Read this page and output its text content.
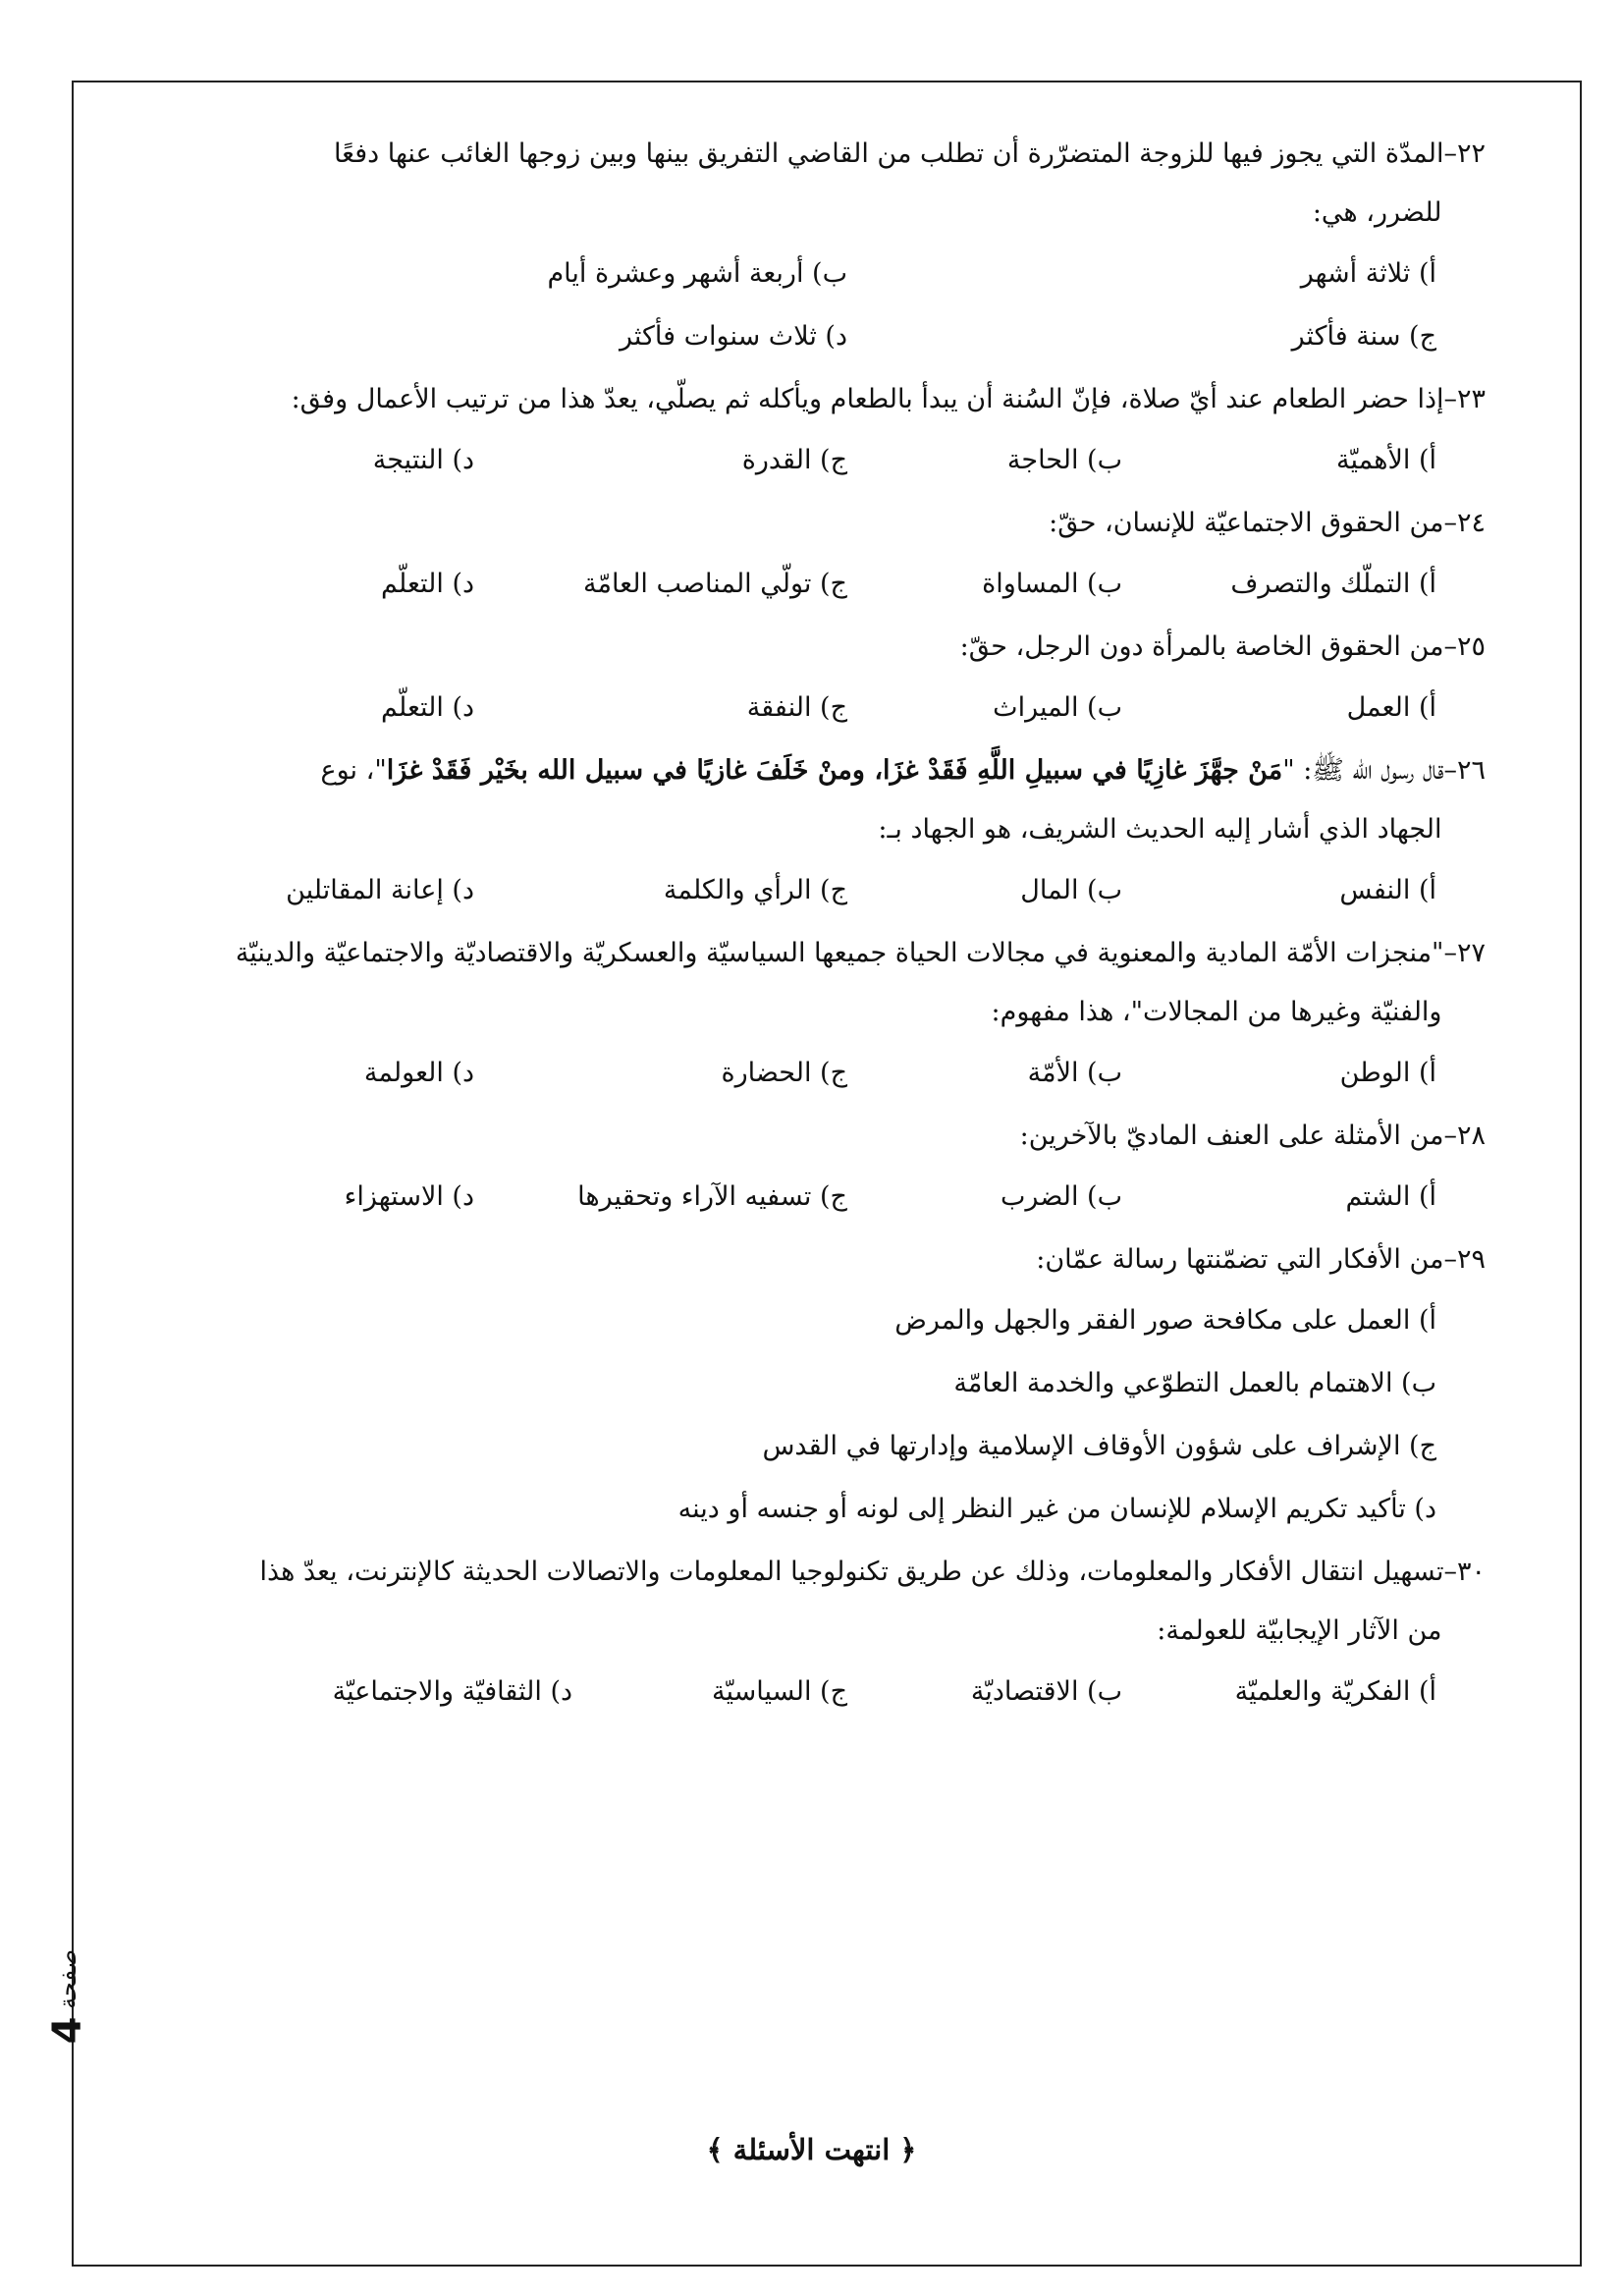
٢٢–
المدّة التي يجوز فيها للزوجة المتضرّرة أن تطلب من القاضي التفريق بينها وبين زوجها الغائب عنها دفعًا
للضرر، هي:
أ) ثلاثة أشهر
ب) أربعة أشهر وعشرة أيام
ج) سنة فأكثر
د) ثلاث سنوات فأكثر
٢٣–
إذا حضر الطعام عند أيّ صلاة، فإنّ السُنة أن يبدأ بالطعام ويأكله ثم يصلّي، يعدّ هذا من ترتيب الأعمال وفق:
أ) الأهميّة
ب) الحاجة
ج) القدرة
د) النتيجة
٢٤–
من الحقوق الاجتماعيّة للإنسان، حقّ:
أ) التملّك والتصرف
ب) المساواة
ج) تولّي المناصب العامّة
د) التعلّم
٢٥–
من الحقوق الخاصة بالمرأة دون الرجل، حقّ:
أ) العمل
ب) الميراث
ج) النفقة
د) التعلّم
٢٦–
قال رسول الله ﷺ: "مَنْ جهَّزَ غازِيًا في سبيلِ اللَّهِ فَقَدْ غزَا، ومنْ خَلَفَ غازيًا في سبيل الله بخَيْر فَقَدْ غزَا"، نوع
الجهاد الذي أشار إليه الحديث الشريف، هو الجهاد بـ:
أ) النفس
ب) المال
ج) الرأي والكلمة
د) إعانة المقاتلين
٢٧–
"منجزات الأمّة المادية والمعنوية في مجالات الحياة جميعها السياسيّة والعسكريّة والاقتصاديّة والاجتماعيّة والدينيّة
والفنيّة وغيرها من المجالات"، هذا مفهوم:
أ) الوطن
ب) الأمّة
ج) الحضارة
د) العولمة
٢٨–
من الأمثلة على العنف الماديّ بالآخرين:
أ) الشتم
ب) الضرب
ج) تسفيه الآراء وتحقيرها
د) الاستهزاء
٢٩–
من الأفكار التي تضمّنتها رسالة عمّان:
أ) العمل على مكافحة صور الفقر والجهل والمرض
ب) الاهتمام بالعمل التطوّعي والخدمة العامّة
ج) الإشراف على شؤون الأوقاف الإسلامية وإدارتها في القدس
د) تأكيد تكريم الإسلام للإنسان من غير النظر إلى لونه أو جنسه أو دينه
٣٠–
تسهيل انتقال الأفكار والمعلومات، وذلك عن طريق تكنولوجيا المعلومات والاتصالات الحديثة كالإنترنت، يعدّ هذا
من الآثار الإيجابيّة للعولمة:
أ) الفكريّة والعلميّة
ب) الاقتصاديّة
ج) السياسيّة
د) الثقافيّة والاجتماعيّة
﴿ انتهت الأسئلة ﴾
صفحة 4
